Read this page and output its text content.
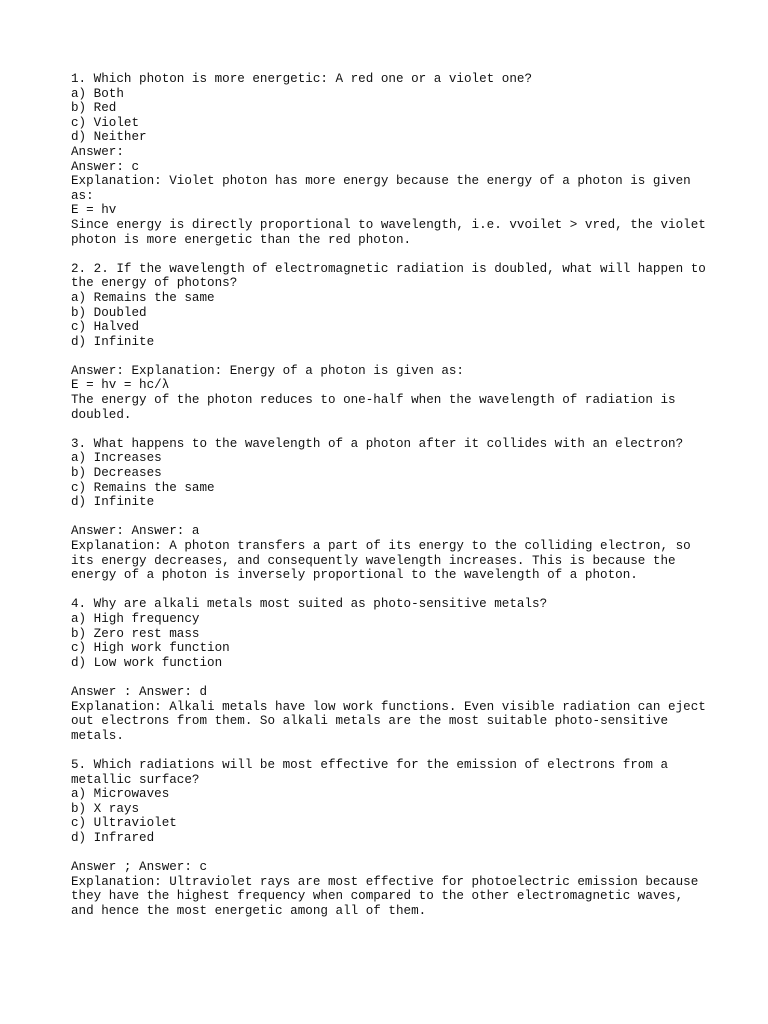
1. Which photon is more energetic: A red one or a violet one?
a) Both
b) Red
c) Violet
d) Neither
Answer:
Answer: c
Explanation: Violet photon has more energy because the energy of a photon is given as:
E = hv
Since energy is directly proportional to wavelength, i.e. vvoilet > vred, the violet photon is more energetic than the red photon.
2. 2. If the wavelength of electromagnetic radiation is doubled, what will happen to the energy of photons?
a) Remains the same
b) Doubled
c) Halved
d) Infinite
Answer: Explanation: Energy of a photon is given as:
E = hv = hc/λ
The energy of the photon reduces to one-half when the wavelength of radiation is doubled.
3. What happens to the wavelength of a photon after it collides with an electron?
a) Increases
b) Decreases
c) Remains the same
d) Infinite
Answer: Answer: a
Explanation: A photon transfers a part of its energy to the colliding electron, so its energy decreases, and consequently wavelength increases. This is because the energy of a photon is inversely proportional to the wavelength of a photon.
4. Why are alkali metals most suited as photo-sensitive metals?
a) High frequency
b) Zero rest mass
c) High work function
d) Low work function
Answer : Answer: d
Explanation: Alkali metals have low work functions. Even visible radiation can eject out electrons from them. So alkali metals are the most suitable photo-sensitive metals.
5. Which radiations will be most effective for the emission of electrons from a metallic surface?
a) Microwaves
b) X rays
c) Ultraviolet
d) Infrared
Answer ; Answer: c
Explanation: Ultraviolet rays are most effective for photoelectric emission because they have the highest frequency when compared to the other electromagnetic waves, and hence the most energetic among all of them.
